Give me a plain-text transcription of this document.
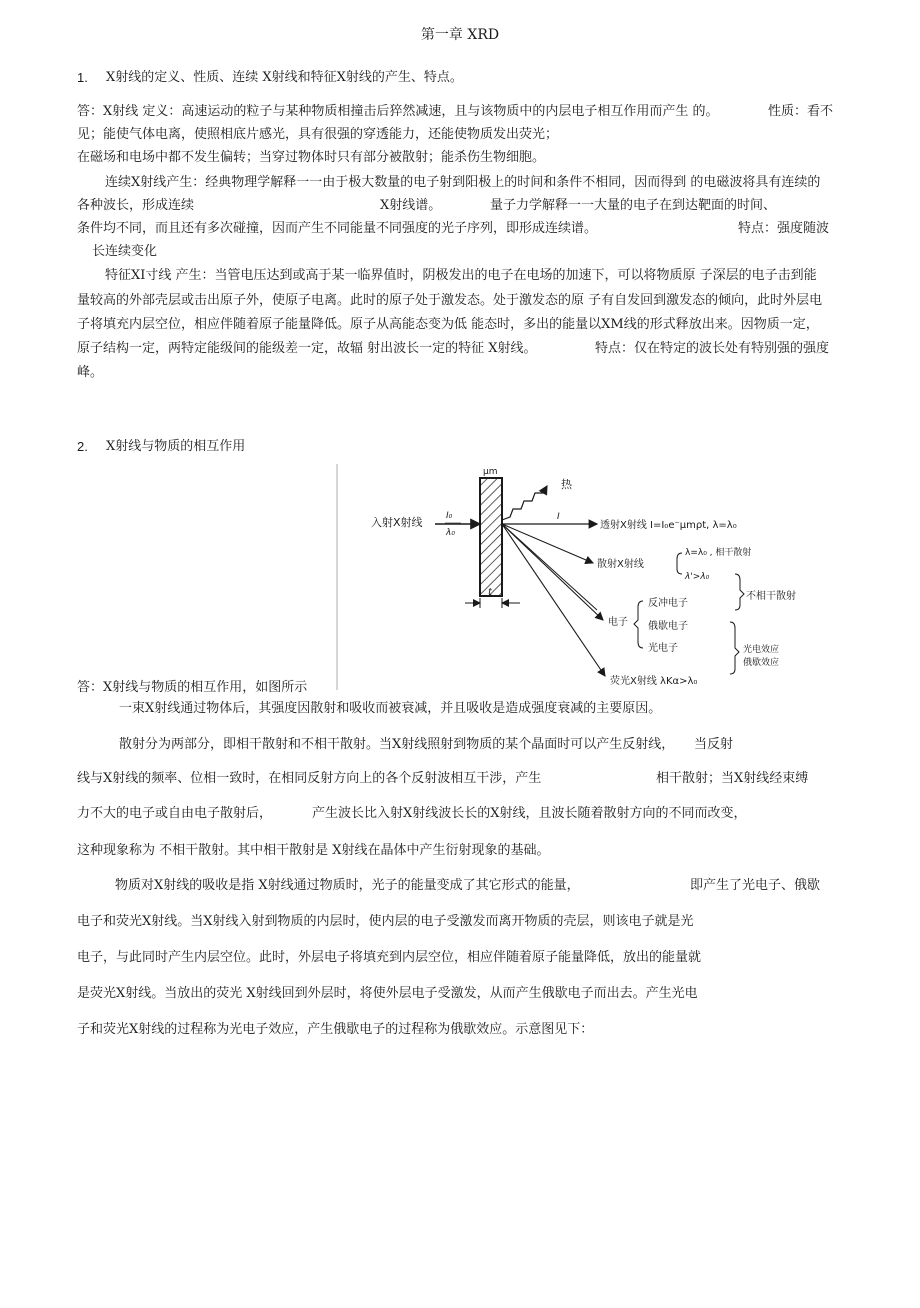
第一章 XRD
1. X射线的定义、性质、连续 X射线和特征X射线的产生、特点。
答：X射线 定义：高速运动的粒子与某种物质相撞击后猝然减速，且与该物质中的内层电子相互作用而产生 的。	性质：看不
见；能使气体电离，使照相底片感光，具有很强的穿透能力，还能使物质发出荧光；
在磁场和电场中都不发生偏转；当穿过物体时只有部分被散射；能杀伤生物细胞。
连续X射线产生：经典物理学解释一一由于极大数量的电子射到阳极上的时间和条件不相同，因而得到 的电磁波将具有连续的
各种波长，形成连续	X射线谱。	量子力学解释一一大量的电子在到达靶面的时间、
条件均不同，而且还有多次碰撞，因而产生不同能量不同强度的光子序列，即形成连续谱。	特点：强度随波
长连续变化
特征XI寸线 产生：当管电压达到或高于某一临界值时，阴极发出的电子在电场的加速下，可以将物质原 子深层的电子击到能
量较高的外部壳层或击出原子外，使原子电离。此时的原子处于激发态。处于激发态的原 子有自发回到激发态的倾向，此时外层电
子将填充内层空位，相应伴随着原子能量降低。原子从高能态变为低 能态时，多出的能量以XM线的形式释放出来。因物质一定，
原子结构一定，两特定能级间的能级差一定，故辐 射出波长一定的特征 X射线。	特点：仅在特定的波长处有特别强的强度
峰。
2. X射线与物质的相互作用
μm
t
入射X射线	I₀
λ₀
热
I
透射X射线 I=I₀e⁻μmρt, λ=λ₀
散射X射线
λ=λ₀ , 相干散射
λ'>λ₀
不相干散射
电子
反冲电子
俄歇电子
光电子	光电效应
俄歇效应
荧光X射线 λKα>λ₀
答：X射线与物质的相互作用，如图所示
一束X射线通过物体后，其强度因散射和吸收而被衰减，并且吸收是造成强度衰减的主要原因。
散射分为两部分，即相干散射和不相干散射。当X射线照射到物质的某个晶面时可以产生反射线， 当反射
线与X射线的频率、位相一致时，在相同反射方向上的各个反射波相互干涉，产生	相干散射；当X射线经束缚
力不大的电子或自由电子散射后，	产生波长比入射X射线波长长的X射线，且波长随着散射方向的不同而改变，
这种现象称为 不相干散射。其中相干散射是 X射线在晶体中产生衍射现象的基础。
物质对X射线的吸收是指 X射线通过物质时，光子的能量变成了其它形式的能量，	即产生了光电子、俄歇
电子和荧光X射线。当X射线入射到物质的内层时，使内层的电子受激发而离开物质的壳层，则该电子就是光
电子，与此同时产生内层空位。此时，外层电子将填充到内层空位，相应伴随着原子能量降低，放出的能量就
是荧光X射线。当放出的荧光 X射线回到外层时，将使外层电子受激发，从而产生俄歇电子而出去。产生光电
子和荧光X射线的过程称为光电子效应，产生俄歇电子的过程称为俄歇效应。示意图见下：
